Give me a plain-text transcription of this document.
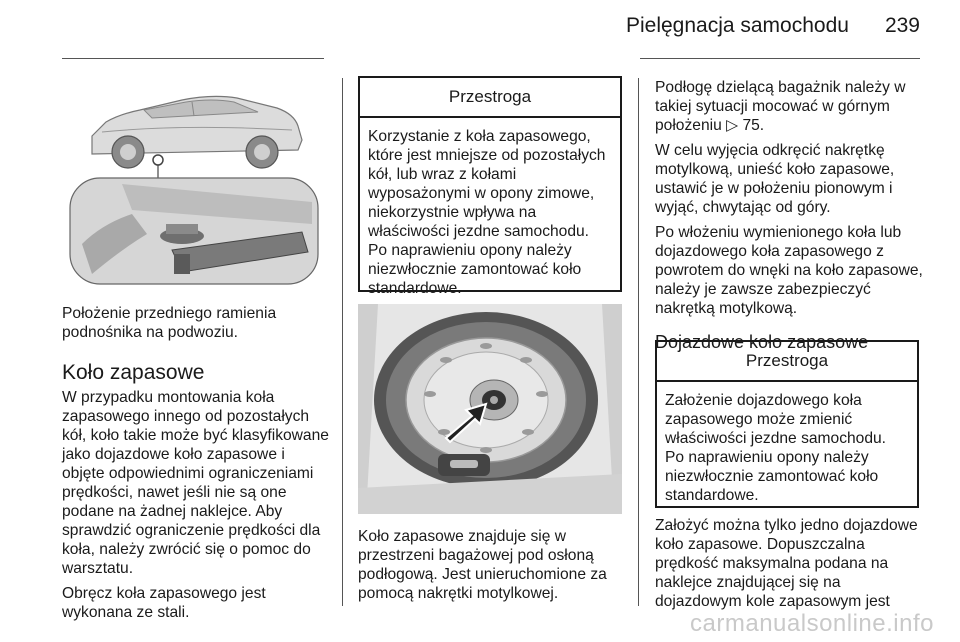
Pielęgnacja samochodu 239

Położenie przedniego ramienia podnośnika na podwoziu.

Koło zapasowe

W przypadku montowania koła zapasowego innego od pozostałych kół, koło takie może być klasyfikowane jako dojazdowe koło zapasowe i objęte odpowiednimi ograniczeniami prędkości, nawet jeśli nie są one podane na żadnej naklejce. Aby sprawdzić ograniczenie prędkości dla koła, należy zwrócić się o pomoc do warsztatu.

Obręcz koła zapasowego jest wykonana ze stali.

Przestroga
Korzystanie z koła zapasowego, które jest mniejsze od pozostałych kół, lub wraz z kołami wyposażonymi w opony zimowe, niekorzystnie wpływa na właściwości jezdne samochodu. Po naprawieniu opony należy niezwłocznie zamontować koło standardowe.

Koło zapasowe znajduje się w przestrzeni bagażowej pod osłoną podłogową. Jest unieruchomione za pomocą nakrętki motylkowej.

Podłogę dzielącą bagażnik należy w takiej sytuacji mocować w górnym położeniu ▷ 75.

W celu wyjęcia odkręcić nakrętkę motylkową, unieść koło zapasowe, ustawić je w położeniu pionowym i wyjąć, chwytając od góry.

Po włożeniu wymienionego koła lub dojazdowego koła zapasowego z powrotem do wnęki na koło zapasowe, należy je zawsze zabezpieczyć nakrętką motylkową.

Dojazdowe koło zapasowe
Przestroga
Założenie dojazdowego koła zapasowego może zmienić właściwości jezdne samochodu. Po naprawieniu opony należy niezwłocznie zamontować koło standardowe.

Założyć można tylko jedno dojazdowe koło zapasowe. Dopuszczalna prędkość maksymalna podana na naklejce znajdującej się na dojazdowym kole zapasowym jest

carmanualsonline.info
